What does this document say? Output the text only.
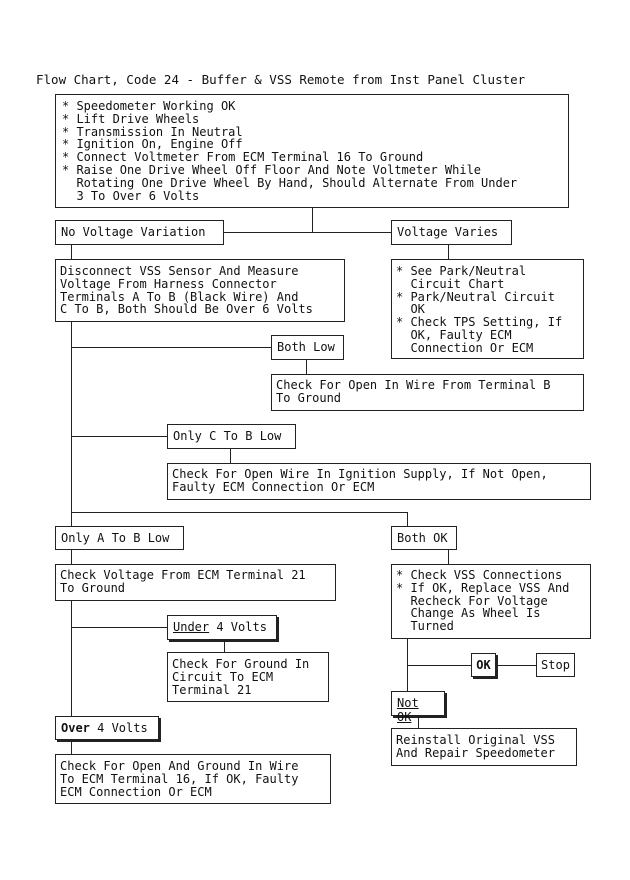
Flow Chart, Code 24 - Buffer & VSS Remote from Inst Panel Cluster
* Speedometer Working OK
* Lift Drive Wheels
* Transmission In Neutral
* Ignition On, Engine Off
* Connect Voltmeter From ECM Terminal 16 To Ground
* Raise One Drive Wheel Off Floor And Note Voltmeter While
Rotating One Drive Wheel By Hand, Should Alternate From Under
3 To Over 6 Volts
No Voltage Variation	Voltage Varies
Disconnect VSS Sensor And Measure
Voltage From Harness Connector
Terminals A To B (Black Wire) And
C To B, Both Should Be Over 6 Volts
* See Park/Neutral
Circuit Chart
* Park/Neutral Circuit
OK
* Check TPS Setting, If
OK, Faulty ECM
Connection Or ECM
Both Low
Check For Open In Wire From Terminal B
To Ground
Only C To B Low
Check For Open Wire In Ignition Supply, If Not Open,
Faulty ECM Connection Or ECM
Only A To B Low	Both OK
Check Voltage From ECM Terminal 21
To Ground
* Check VSS Connections
* If OK, Replace VSS And
Recheck For Voltage
Change As Wheel Is
Turned
Under 4 Volts
Check For Ground In
Circuit To ECM
Terminal 21
OK	Stop
Not OK
Reinstall Original VSS
And Repair Speedometer
Over 4 Volts
Check For Open And Ground In Wire
To ECM Terminal 16, If OK, Faulty
ECM Connection Or ECM
